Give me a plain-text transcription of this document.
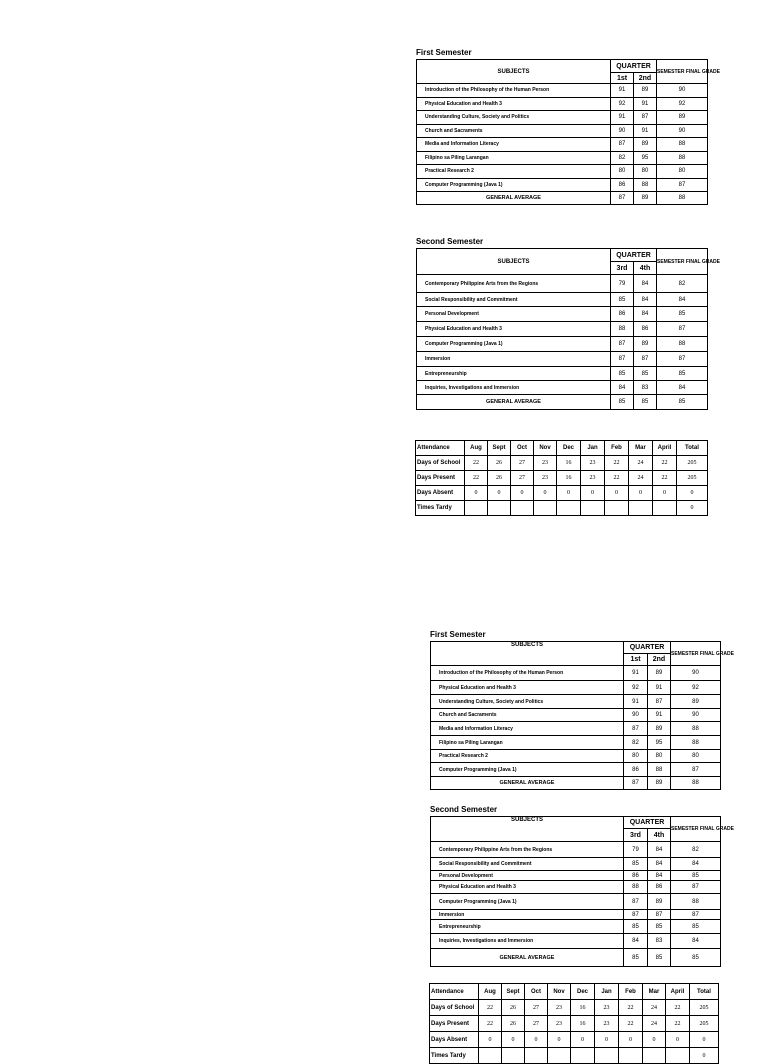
First Semester
SUBJECTS	QUARTER		SEMESTER FINAL GRADE
	1st	2nd	
Introduction of the Philosophy of the Human Person	91	89	90
Physical Education and Health 3	92	91	92
Understanding Culture, Society and Politics	91	87	89
Church and Sacraments	90	91	90
Media and Information Literacy	87	89	88
Filipino sa Piling Larangan	82	95	88
Practical Research 2	80	80	80
Computer Programming (Java 1)	86	88	87
GENERAL AVERAGE	87	89	88
Second Semester
SUBJECTS	QUARTER		SEMESTER FINAL GRADE
	3rd	4th	
Contemporary Philippine Arts from the Regions	79	84	82
Social Responsibility and Commitment	85	84	84
Personal Development	86	84	85
Physical Education and Health 3	88	86	87
Computer Programming (Java 1)	87	89	88
Immersion	87	87	87
Entrepreneurship	85	85	85
Inquiries, Investigations and Immersion	84	83	84
GENERAL AVERAGE	85	85	85
Attendance	Aug	Sept	Oct	Nov	Dec	Jan	Feb	Mar	April	Total
Days of School	22	26	27	23	16	23	22	24	22	205
Days Present	22	26	27	23	16	23	22	24	22	205
Days Absent	0	0	0	0	0	0	0	0	0	0
Times Tardy										0
First Semester
SUBJECTS	QUARTER		SEMESTER FINAL GRADE
	1st	2nd	
Introduction of the Philosophy of the Human Person	91	89	90
Physical Education and Health 3	92	91	92
Understanding Culture, Society and Politics	91	87	89
Church and Sacraments	90	91	90
Media and Information Literacy	87	89	88
Filipino sa Piling Larangan	82	95	88
Practical Research 2	80	80	80
Computer Programming (Java 1)	86	88	87
GENERAL AVERAGE	87	89	88
Second Semester
SUBJECTS	QUARTER		SEMESTER FINAL GRADE
	3rd	4th	
Contemporary Philippine Arts from the Regions	79	84	82
Social Responsibility and Commitment	85	84	84
Personal Development	86	84	85
Physical Education and Health 3	88	86	87
Computer Programming (Java 1)	87	89	88
Immersion	87	87	87
Entrepreneurship	85	85	85
Inquiries, Investigations and Immersion	84	83	84
GENERAL AVERAGE	85	85	85
Attendance	Aug	Sept	Oct	Nov	Dec	Jan	Feb	Mar	April	Total
Days of School	22	26	27	23	16	23	22	24	22	205
Days Present	22	26	27	23	16	23	22	24	22	205
Days Absent	0	0	0	0	0	0	0	0	0	0
Times Tardy										0
